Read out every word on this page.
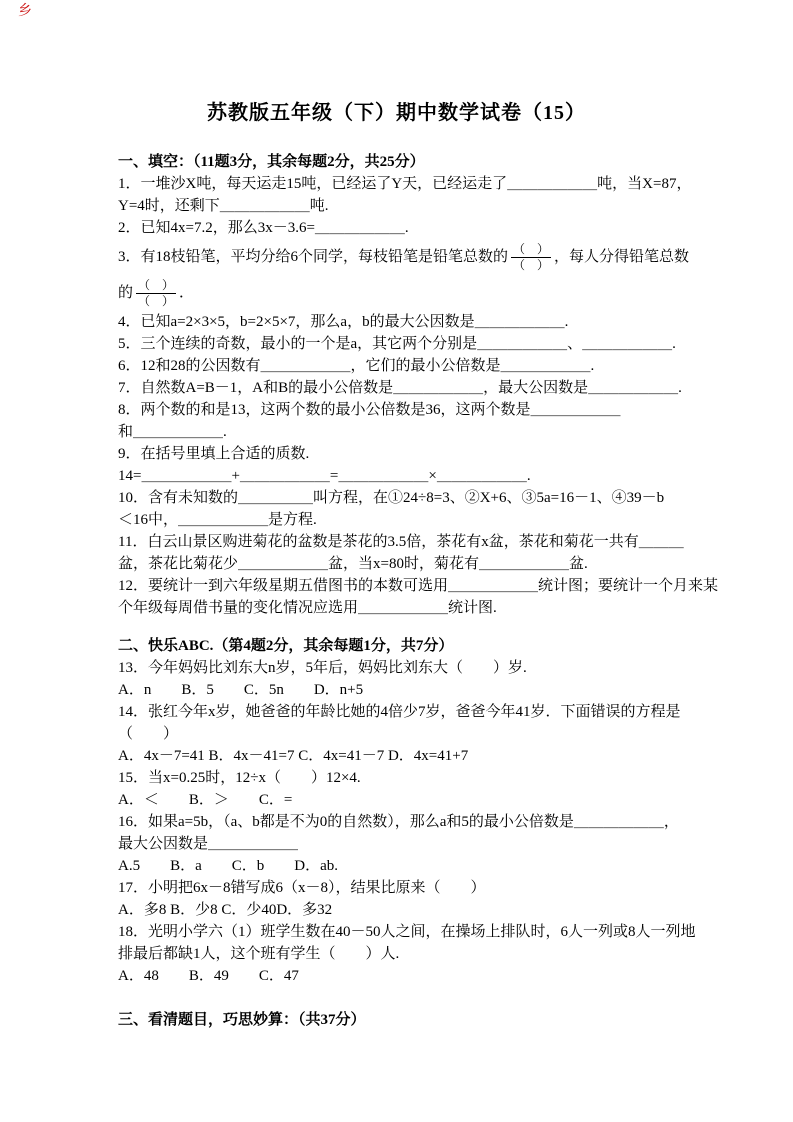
乡
苏教版五年级（下）期中数学试卷（15）
一、填空：（11题3分，其余每题2分，共25分）
1．一堆沙X吨，每天运走15吨，已经运了Y天，已经运走了＿＿＿＿＿＿吨，当X=87，
Y=4时，还剩下＿＿＿＿＿＿吨.
2．已知4x=7.2，那么3x－3.6=＿＿＿＿＿＿.
3．有18枝铅笔，平均分给6个同学，每枝铅笔是铅笔总数的 $\frac{( )}{( )}$ ，每人分得铅笔总数
的 $\frac{( )}{( )}$ ．
4．已知a=2×3×5，b=2×5×7，那么a，b的最大公因数是＿＿＿＿＿＿.
5．三个连续的奇数，最小的一个是a，其它两个分别是＿＿＿＿＿＿、＿＿＿＿＿＿.
6．12和28的公因数有＿＿＿＿＿＿，它们的最小公倍数是＿＿＿＿＿＿.
7．自然数A=B－1，A和B的最小公倍数是＿＿＿＿＿＿，最大公因数是＿＿＿＿＿＿.
8．两个数的和是13，这两个数的最小公倍数是36，这两个数是＿＿＿＿＿＿
和＿＿＿＿＿＿.
9．在括号里填上合适的质数.
14=＿＿＿＿＿＿+＿＿＿＿＿＿=＿＿＿＿＿＿×＿＿＿＿＿＿.
10．含有未知数的＿＿＿＿＿叫方程，在①24÷8=3、②X+6、③5a=16－1、④39－b
＜16中，＿＿＿＿＿＿是方程.
11．白云山景区购进菊花的盆数是茶花的3.5倍，茶花有x盆，茶花和菊花一共有＿＿＿
盆，茶花比菊花少＿＿＿＿＿＿盆，当x=80时，菊花有＿＿＿＿＿＿盆.
12．要统计一到六年级星期五借图书的本数可选用＿＿＿＿＿＿统计图；要统计一个月来某
个年级每周借书量的变化情况应选用＿＿＿＿＿＿统计图.
二、快乐ABC.（第4题2分，其余每题1分，共7分）
13．今年妈妈比刘东大n岁，5年后，妈妈比刘东大（　　）岁.
A．n　　B．5　　C．5n　　D．n+5
14．张红今年x岁，她爸爸的年龄比她的4倍少7岁，爸爸今年41岁．下面错误的方程是
（　　）
A．4x－7=41 B．4x－41=7 C．4x=41－7 D．4x=41+7
15．当x=0.25时，12÷x（　　）12×4.
A．＜　　B．＞　　C．=
16．如果a=5b，（a、b都是不为0的自然数），那么a和5的最小公倍数是＿＿＿＿＿＿，
最大公因数是＿＿＿＿＿＿
A.5　　B．a　　C．b　　D．ab.
17．小明把6x－8错写成6（x－8），结果比原来（　　）
A．多8 B．少8 C．少40D．多32
18．光明小学六（1）班学生数在40－50人之间，在操场上排队时，6人一列或8人一列地
排最后都缺1人，这个班有学生（　　）人.
A．48　　B．49　　C．47
三、看清题目，巧思妙算：（共37分）
